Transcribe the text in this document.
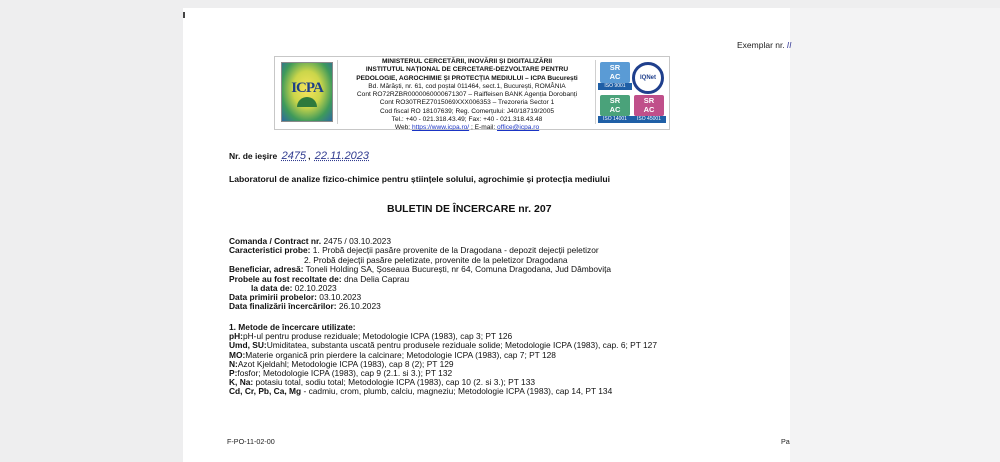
Exemplar nr. II
ICPA
MINISTERUL CERCETĂRII, INOVĂRII ȘI DIGITALIZĂRII
INSTITUTUL NAȚIONAL DE CERCETARE-DEZVOLTARE PENTRU
PEDOLOGIE, AGROCHIMIE ȘI PROTECȚIA MEDIULUI – ICPA București
Bd. Mărăști, nr. 61, cod poștal 011464, sect.1, București, ROMÂNIA
Cont RO72RZBR0000060000671307 – Raiffeisen BANK Agenția Dorobanți
Cont RO30TREZ7015069XXX006353 – Trezoreria Sector 1
Cod fiscal RO 18107639; Reg. Comerțului: J40/18719/2005
Tel.: +40 - 021.318.43.49; Fax: +40 - 021.318.43.48
Web: https://www.icpa.ro/ ; E-mail: office@icpa.ro
SR
AC
ISO 9001
IQNet
SR
AC
ISO 14001
SR
AC
ISO 45001
Nr. de ieșire 2475 , 22.11.2023
Laboratorul de analize fizico-chimice pentru științele solului, agrochimie și protecția mediului
BULETIN DE ÎNCERCARE nr. 207
Comanda / Contract nr. 2475 / 03.10.2023
Caracteristici probe: 1. Probă dejecții pasăre provenite de la Dragodana - depozit dejecții peletizor
2. Probă dejecții pasăre peletizate, provenite de la peletizor Dragodana
Beneficiar, adresă: Toneli Holding SA, Șoseaua București, nr 64, Comuna Dragodana, Jud Dâmbovița
Probele au fost recoltate de: dna Delia Caprau
la data de: 02.10.2023
Data primirii probelor: 03.10.2023
Data finalizării încercărilor: 26.10.2023
1. Metode de încercare utilizate:
pH:pH-ul pentru produse reziduale; Metodologie ICPA (1983), cap 3; PT 126
Umd, SU:Umiditatea, substanta uscată pentru produsele reziduale solide; Metodologie ICPA (1983), cap. 6; PT 127
MO:Materie organică prin pierdere la calcinare; Metodologie ICPA (1983), cap 7; PT 128
N:Azot Kjeldahl; Metodologie ICPA (1983), cap 8 (2); PT 129
P:fosfor; Metodologie ICPA (1983), cap 9 (2.1. si 3.); PT 132
K, Na: potasiu total, sodiu total; Metodologie ICPA (1983), cap 10 (2. si 3.); PT 133
Cd, Cr, Pb, Ca, Mg - cadmiu, crom, plumb, calciu, magneziu; Metodologie ICPA (1983), cap 14, PT 134
F-PO-11-02-00	Pa
